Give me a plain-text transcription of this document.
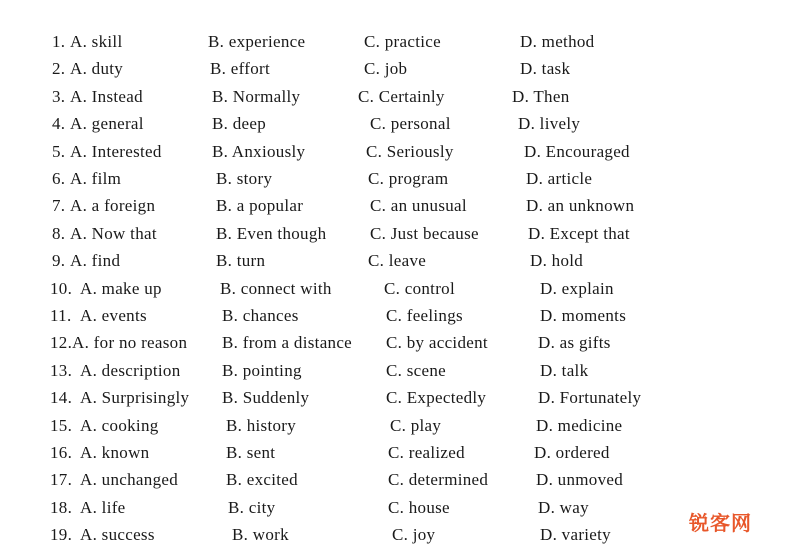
1. A. skill	B. experience	C. practice	D. method
2. A. duty	B. effort	C. job	D. task
3. A. Instead	B. Normally	C. Certainly	D. Then
4. A. general	B. deep	C. personal	D. lively
5. A. Interested	B. Anxiously	C. Seriously	D. Encouraged
6. A. film	B. story	C. program	D. article
7. A. a foreign	B. a popular	C. an unusual	D. an unknown
8. A. Now that	B. Even though	C. Just because	D. Except that
9. A. find	B. turn	C. leave	D. hold
10. A. make up	B. connect with	C. control	D. explain
11. A. events	B. chances	C. feelings	D. moments
12. A. for no reason B. from a distance C. by accident	D. as gifts
13. A. description B. pointing	C. scene	D. talk
14. A. Surprisingly B. Suddenly	C. Expectedly	D. Fortunately
15. A. cooking	B. history	C. play	D. medicine
16. A. known	B. sent	C. realized	D. ordered
17. A. unchanged	B. excited	C. determined	D. unmoved
18. A. life	B. city	C. house	D. way
19. A. success	B. work	C. joy	D. variety	锐客网
